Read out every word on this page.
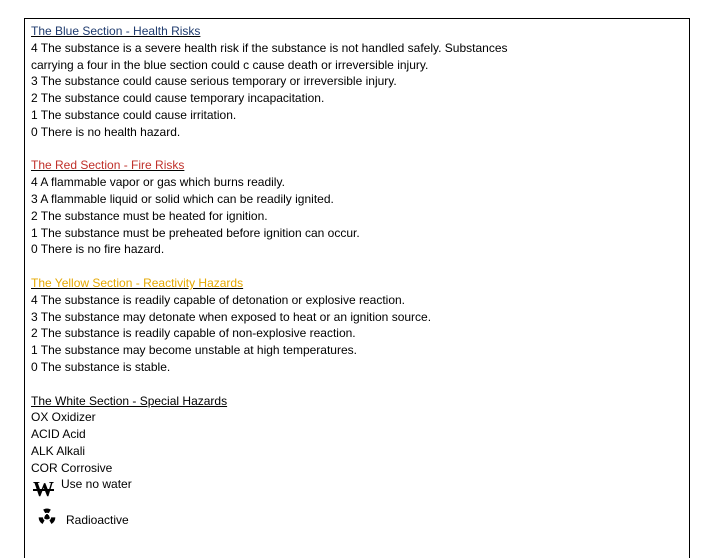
The Blue Section - Health Risks
4 The substance is a severe health risk if the substance is not handled safely. Substances carrying a four in the blue section could c cause death or irreversible injury.
3 The substance could cause serious temporary or irreversible injury.
2 The substance could cause temporary incapacitation.
1 The substance could cause irritation.
0 There is no health hazard.
The Red Section - Fire Risks
4 A flammable vapor or gas which burns readily.
3 A flammable liquid or solid which can be readily ignited.
2 The substance must be heated for ignition.
1 The substance must be preheated before ignition can occur.
0 There is no fire hazard.
The Yellow Section - Reactivity Hazards
4 The substance is readily capable of detonation or explosive reaction.
3 The substance may detonate when exposed to heat or an ignition source.
2 The substance is readily capable of non-explosive reaction.
1 The substance may become unstable at high temperatures.
0 The substance is stable.
The White Section - Special Hazards
OX Oxidizer
ACID Acid
ALK Alkali
COR Corrosive
W Use no water
Radioactive
